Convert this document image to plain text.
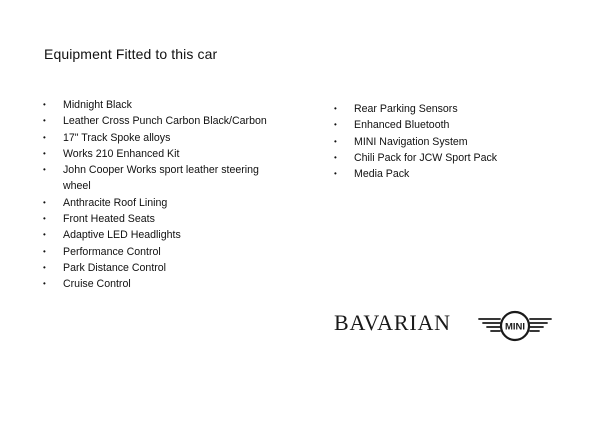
Equipment Fitted to this car
• Midnight Black
• Leather Cross Punch Carbon Black/Carbon
• 17" Track Spoke alloys
• Works 210 Enhanced Kit
• John Cooper Works sport leather steering wheel
• Anthracite Roof Lining
• Front Heated Seats
• Adaptive LED Headlights
• Performance Control
• Park Distance Control
• Cruise Control
• Rear Parking Sensors
• Enhanced Bluetooth
• MINI Navigation System
• Chili Pack for JCW Sport Pack
• Media Pack
BAVARIAN	MINI
